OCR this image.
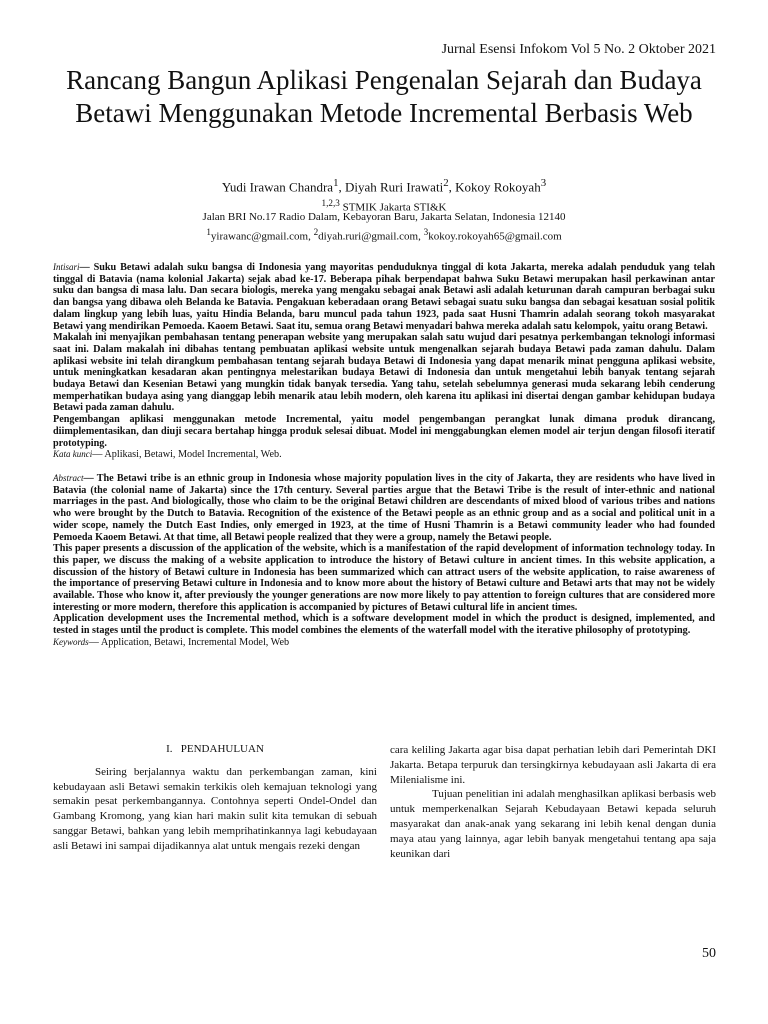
Jurnal Esensi Infokom Vol 5 No. 2 Oktober 2021
Rancang Bangun Aplikasi Pengenalan Sejarah dan Budaya Betawi Menggunakan Metode Incremental Berbasis Web
Yudi Irawan Chandra$^1$, Diyah Ruri Irawati$^2$, Kokoy Rokoyah$^3$
$^{1,2,3}$ STMIK Jakarta STI&K
Jalan BRI No.17 Radio Dalam, Kebayoran Baru, Jakarta Selatan, Indonesia 12140
$^1$yirawanc@gmail.com, $^2$diyah.ruri@gmail.com, $^3$kokoy.rokoyah65@gmail.com

Intisari— Suku Betawi adalah suku bangsa di Indonesia yang mayoritas penduduknya tinggal di kota Jakarta, mereka adalah penduduk yang telah tinggal di Batavia (nama kolonial Jakarta) sejak abad ke-17. Beberapa pihak berpendapat bahwa Suku Betawi merupakan hasil perkawinan antar suku dan bangsa di masa lalu. Dan secara biologis, mereka yang mengaku sebagai anak Betawi asli adalah keturunan darah campuran berbagai suku dan bangsa yang dibawa oleh Belanda ke Batavia. Pengakuan keberadaan orang Betawi sebagai suatu suku bangsa dan sebagai kesatuan sosial politik dalam lingkup yang lebih luas, yaitu Hindia Belanda, baru muncul pada tahun 1923, pada saat Husni Thamrin adalah seorang tokoh masyarakat Betawi yang mendirikan Pemoeda. Kaoem Betawi. Saat itu, semua orang Betawi menyadari bahwa mereka adalah satu kelompok, yaitu orang Betawi.

Makalah ini menyajikan pembahasan tentang penerapan website yang merupakan salah satu wujud dari pesatnya perkembangan teknologi informasi saat ini. Dalam makalah ini dibahas tentang pembuatan aplikasi website untuk mengenalkan sejarah budaya Betawi pada zaman dahulu. Dalam aplikasi website ini telah dirangkum pembahasan tentang sejarah budaya Betawi di Indonesia yang dapat menarik minat pengguna aplikasi website, untuk meningkatkan kesadaran akan pentingnya melestarikan budaya Betawi di Indonesia dan untuk mengetahui lebih banyak tentang sejarah budaya Betawi dan Kesenian Betawi yang mungkin tidak banyak tersedia. Yang tahu, setelah sebelumnya generasi muda sekarang lebih cenderung memperhatikan budaya asing yang dianggap lebih menarik atau lebih modern, oleh karena itu aplikasi ini disertai dengan gambar kehidupan budaya Betawi pada zaman dahulu.

Pengembangan aplikasi menggunakan metode Incremental, yaitu model pengembangan perangkat lunak dimana produk dirancang, diimplementasikan, dan diuji secara bertahap hingga produk selesai dibuat. Model ini menggabungkan elemen model air terjun dengan filosofi iteratif prototyping.

Kata kunci— Aplikasi, Betawi, Model Incremental, Web.

Abstract— The Betawi tribe is an ethnic group in Indonesia whose majority population lives in the city of Jakarta, they are residents who have lived in Batavia (the colonial name of Jakarta) since the 17th century. Several parties argue that the Betawi Tribe is the result of inter-ethnic and national marriages in the past. And biologically, those who claim to be the original Betawi children are descendants of mixed blood of various tribes and nations who were brought by the Dutch to Batavia. Recognition of the existence of the Betawi people as an ethnic group and as a social and political unit in a wider scope, namely the Dutch East Indies, only emerged in 1923, at the time of Husni Thamrin is a Betawi community leader who had founded Pemoeda Kaoem Betawi. At that time, all Betawi people realized that they were a group, namely the Betawi people.

This paper presents a discussion of the application of the website, which is a manifestation of the rapid development of information technology today. In this paper, we discuss the making of a website application to introduce the history of Betawi culture in ancient times. In this website application, a discussion of the history of Betawi culture in Indonesia has been summarized which can attract users of the website application, to raise awareness of the importance of preserving Betawi culture in Indonesia and to know more about the history of Betawi culture and Betawi arts that may not be widely available. Those who know it, after previously the younger generations are now more likely to pay attention to foreign cultures that are considered more interesting or more modern, therefore this application is accompanied by pictures of Betawi cultural life in ancient times.

Application development uses the Incremental method, which is a software development model in which the product is designed, implemented, and tested in stages until the product is complete. This model combines the elements of the waterfall model with the iterative philosophy of prototyping.

Keywords— Application, Betawi, Incremental Model, Web

I. PENDAHULUAN

Seiring berjalannya waktu dan perkembangan zaman, kini kebudayaan asli Betawi semakin terkikis oleh kemajuan teknologi yang semakin pesat perkembangannya. Contohnya seperti Ondel-Ondel dan Gambang Kromong, yang kian hari makin sulit kita temukan di sebuah sanggar Betawi, bahkan yang lebih memprihatinkannya lagi kebudayaan asli Betawi ini sampai dijadikannya alat untuk mengais rezeki dengan

cara keliling Jakarta agar bisa dapat perhatian lebih dari Pemerintah DKI Jakarta. Betapa terpuruk dan tersingkirnya kebudayaan asli Jakarta di era Milenialisme ini.

Tujuan penelitian ini adalah menghasilkan aplikasi berbasis web untuk memperkenalkan Sejarah Kebudayaan Betawi kepada seluruh masyarakat dan anak-anak yang sekarang ini lebih kenal dengan dunia maya atau yang lainnya, agar lebih banyak mengetahui tentang apa saja keunikan dari

50
